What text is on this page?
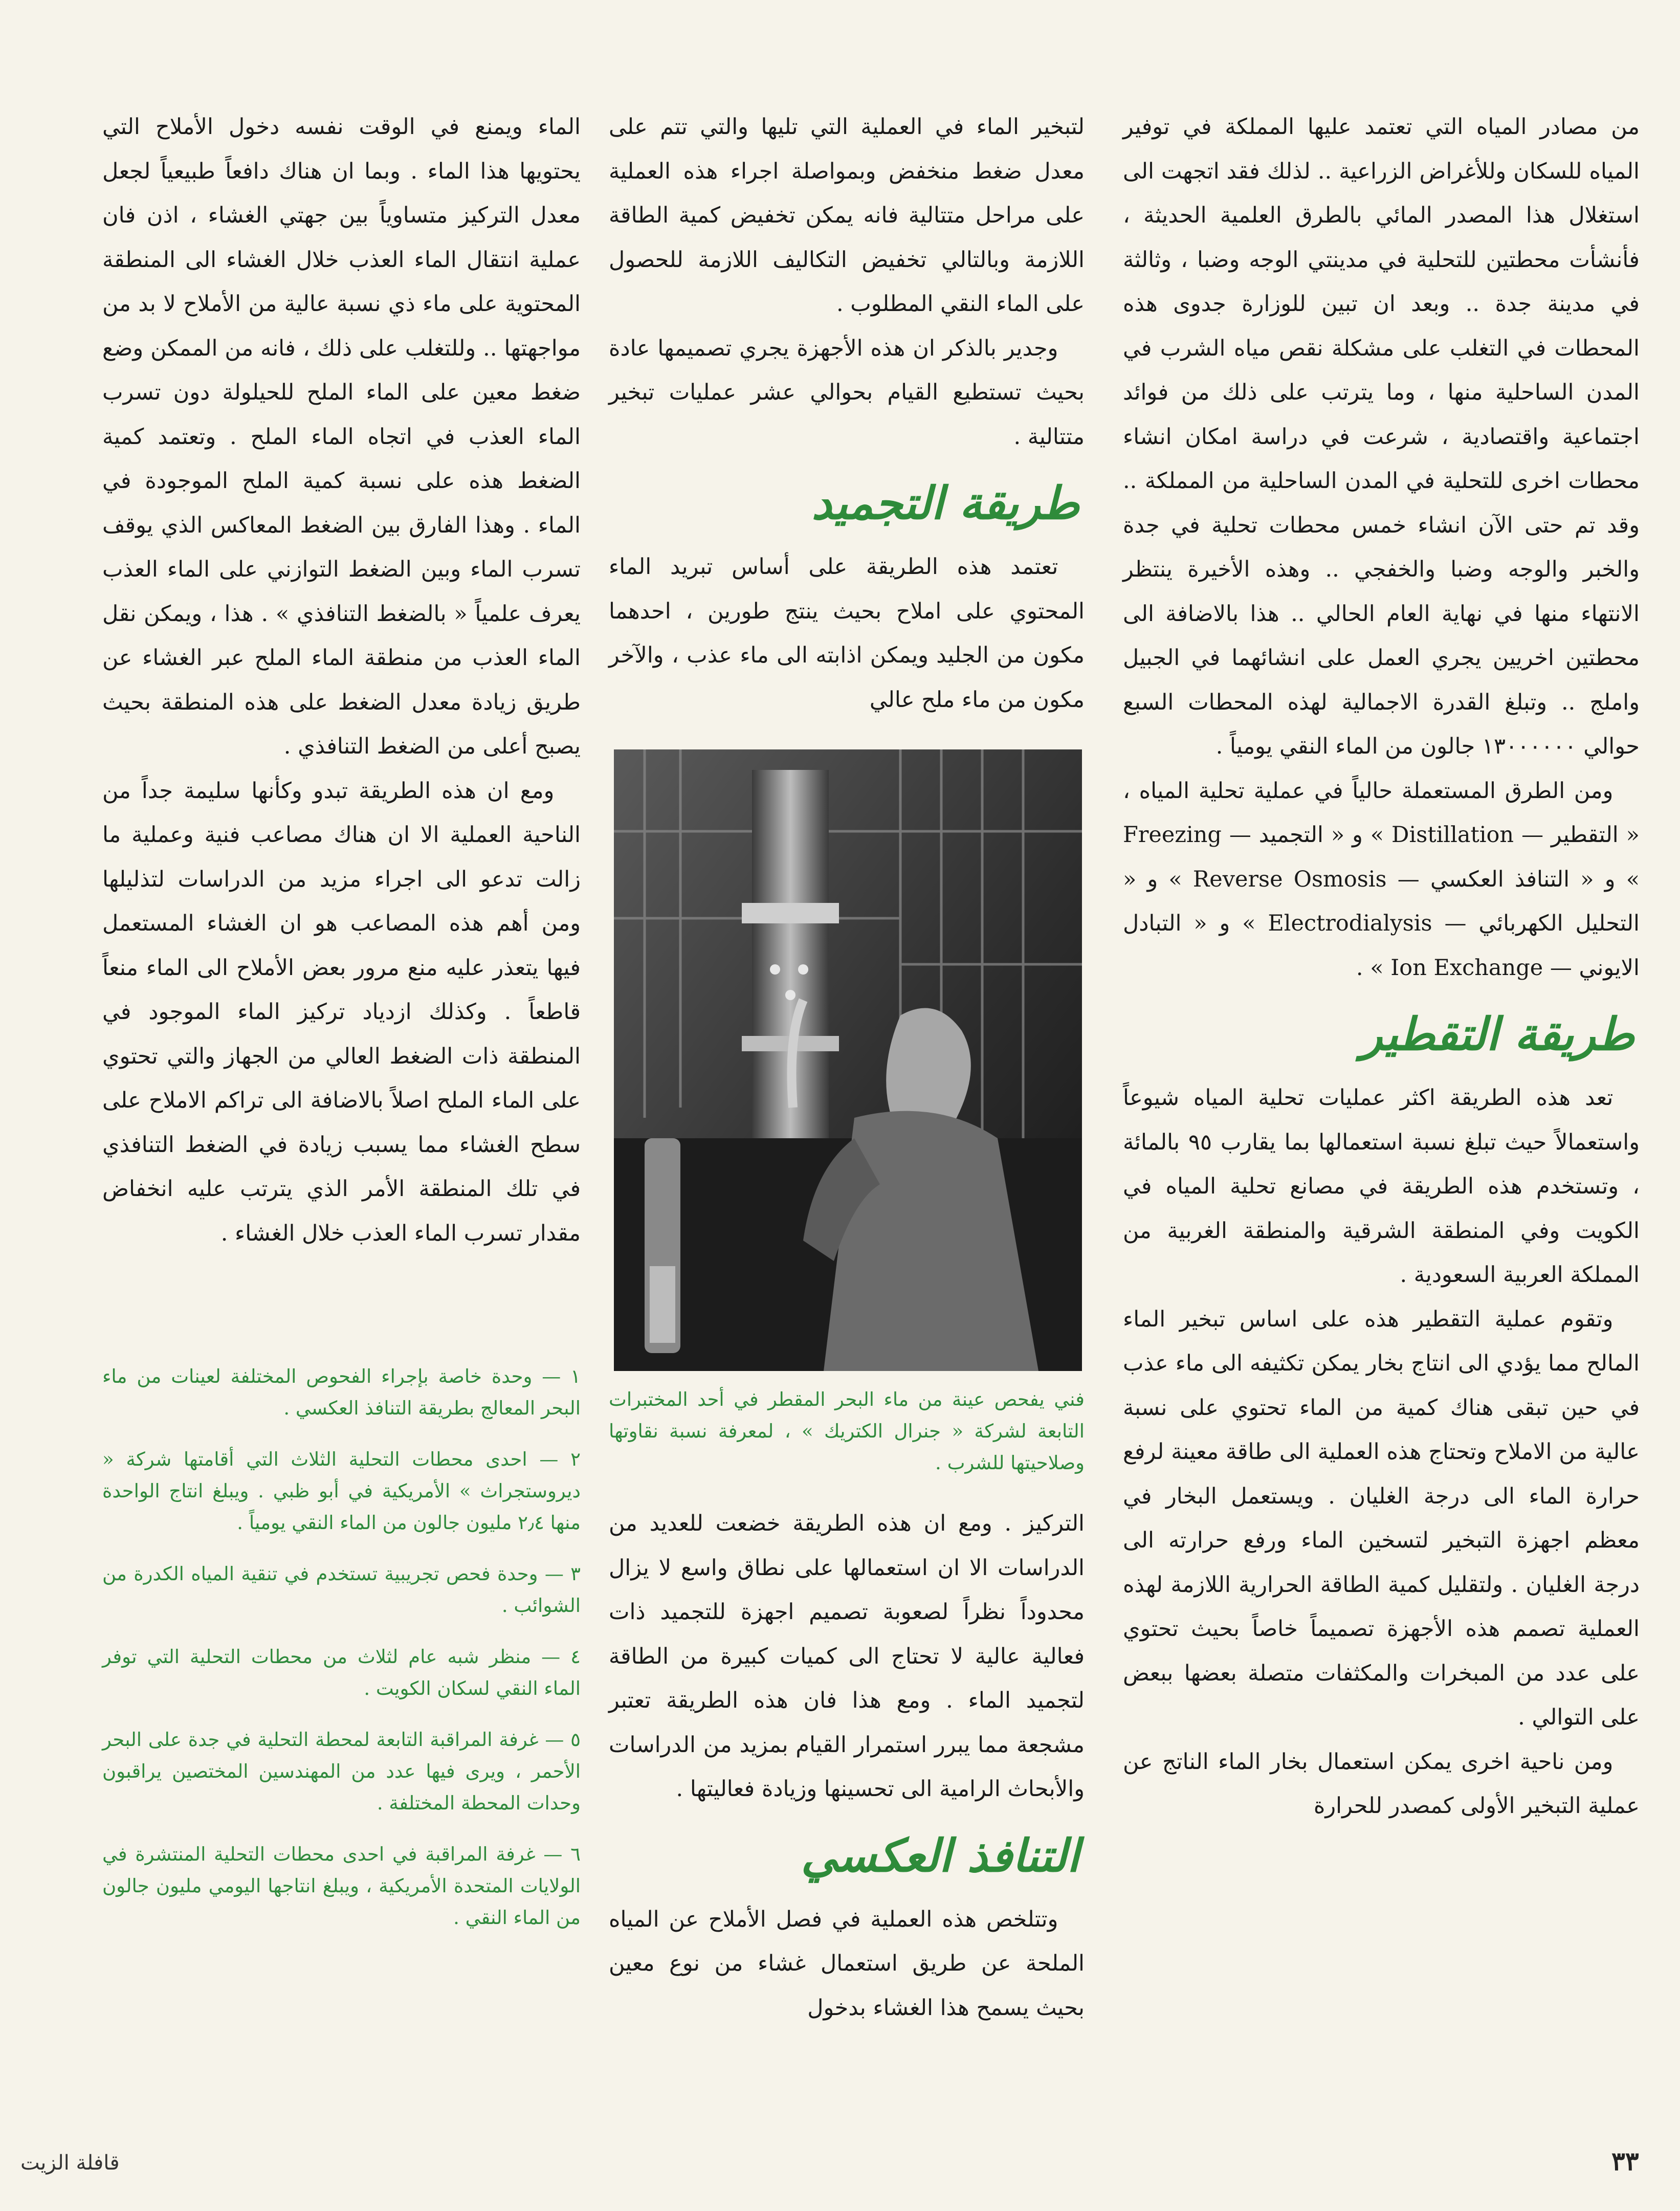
من مصادر المياه التي تعتمد عليها المملكة في توفير المياه للسكان وللأغراض الزراعية .. لذلك فقد اتجهت الى استغلال هذا المصدر المائي بالطرق العلمية الحديثة ، فأنشأت محطتين للتحلية في مدينتي الوجه وضبا ، وثالثة في مدينة جدة .. وبعد ان تبين للوزارة جدوى هذه المحطات في التغلب على مشكلة نقص مياه الشرب في المدن الساحلية منها ، وما يترتب على ذلك من فوائد اجتماعية واقتصادية ، شرعت في دراسة امكان انشاء محطات اخرى للتحلية في المدن الساحلية من المملكة .. وقد تم حتى الآن انشاء خمس محطات تحلية في جدة والخبر والوجه وضبا والخفجي .. وهذه الأخيرة ينتظر الانتهاء منها في نهاية العام الحالي .. هذا بالاضافة الى محطتين اخريين يجري العمل على انشائهما في الجبيل واملج .. وتبلغ القدرة الاجمالية لهذه المحطات السبع حوالي ١٣٠٠٠٠٠٠ جالون من الماء النقي يومياً .

ومن الطرق المستعملة حالياً في عملية تحلية المياه ، « التقطير — Distillation » و « التجميد — Freezing » و « التنافذ العكسي — Reverse Osmosis » و « التحليل الكهربائي — Electrodialysis » و « التبادل الايوني — Ion Exchange » .

طريقة التقطير

تعد هذه الطريقة اكثر عمليات تحلية المياه شيوعاً واستعمالاً حيث تبلغ نسبة استعمالها بما يقارب ٩٥ بالمائة ، وتستخدم هذه الطريقة في مصانع تحلية المياه في الكويت وفي المنطقة الشرقية والمنطقة الغربية من المملكة العربية السعودية .

وتقوم عملية التقطير هذه على اساس تبخير الماء المالح مما يؤدي الى انتاج بخار يمكن تكثيفه الى ماء عذب في حين تبقى هناك كمية من الماء تحتوي على نسبة عالية من الاملاح وتحتاج هذه العملية الى طاقة معينة لرفع حرارة الماء الى درجة الغليان . ويستعمل البخار في معظم اجهزة التبخير لتسخين الماء ورفع حرارته الى درجة الغليان . ولتقليل كمية الطاقة الحرارية اللازمة لهذه العملية تصمم هذه الأجهزة تصميماً خاصاً بحيث تحتوي على عدد من المبخرات والمكثفات متصلة بعضها ببعض على التوالي .

ومن ناحية اخرى يمكن استعمال بخار الماء الناتج عن عملية التبخير الأولى كمصدر للحرارة

لتبخير الماء في العملية التي تليها والتي تتم على معدل ضغط منخفض وبمواصلة اجراء هذه العملية على مراحل متتالية فانه يمكن تخفيض كمية الطاقة اللازمة وبالتالي تخفيض التكاليف اللازمة للحصول على الماء النقي المطلوب .

وجدير بالذكر ان هذه الأجهزة يجري تصميمها عادة بحيث تستطيع القيام بحوالي عشر عمليات تبخير متتالية .

طريقة التجميد

تعتمد هذه الطريقة على أساس تبريد الماء المحتوي على املاح بحيث ينتج طورين ، احدهما مكون من الجليد ويمكن اذابته الى ماء عذب ، والآخر مكون من ماء ملح عالي

فني يفحص عينة من ماء البحر المقطر في أحد المختبرات التابعة لشركة « جنرال الكتريك » ، لمعرفة نسبة نقاوتها وصلاحيتها للشرب .

التركيز . ومع ان هذه الطريقة خضعت للعديد من الدراسات الا ان استعمالها على نطاق واسع لا يزال محدوداً نظراً لصعوبة تصميم اجهزة للتجميد ذات فعالية عالية لا تحتاج الى كميات كبيرة من الطاقة لتجميد الماء . ومع هذا فان هذه الطريقة تعتبر مشجعة مما يبرر استمرار القيام بمزيد من الدراسات والأبحاث الرامية الى تحسينها وزيادة فعاليتها .

التنافذ العكسي

وتتلخص هذه العملية في فصل الأملاح عن المياه الملحة عن طريق استعمال غشاء من نوع معين بحيث يسمح هذا الغشاء بدخول

الماء ويمنع في الوقت نفسه دخول الأملاح التي يحتويها هذا الماء . وبما ان هناك دافعاً طبيعياً لجعل معدل التركيز متساوياً بين جهتي الغشاء ، اذن فان عملية انتقال الماء العذب خلال الغشاء الى المنطقة المحتوية على ماء ذي نسبة عالية من الأملاح لا بد من مواجهتها .. وللتغلب على ذلك ، فانه من الممكن وضع ضغط معين على الماء الملح للحيلولة دون تسرب الماء العذب في اتجاه الماء الملح . وتعتمد كمية الضغط هذه على نسبة كمية الملح الموجودة في الماء . وهذا الفارق بين الضغط المعاكس الذي يوقف تسرب الماء وبين الضغط التوازني على الماء العذب يعرف علمياً « بالضغط التنافذي » . هذا ، ويمكن نقل الماء العذب من منطقة الماء الملح عبر الغشاء عن طريق زيادة معدل الضغط على هذه المنطقة بحيث يصبح أعلى من الضغط التنافذي .

ومع ان هذه الطريقة تبدو وكأنها سليمة جداً من الناحية العملية الا ان هناك مصاعب فنية وعملية ما زالت تدعو الى اجراء مزيد من الدراسات لتذليلها ومن أهم هذه المصاعب هو ان الغشاء المستعمل فيها يتعذر عليه منع مرور بعض الأملاح الى الماء منعاً قاطعاً . وكذلك ازدياد تركيز الماء الموجود في المنطقة ذات الضغط العالي من الجهاز والتي تحتوي على الماء الملح اصلاً بالاضافة الى تراكم الاملاح على سطح الغشاء مما يسبب زيادة في الضغط التنافذي في تلك المنطقة الأمر الذي يترتب عليه انخفاض مقدار تسرب الماء العذب خلال الغشاء .

١ — وحدة خاصة بإجراء الفحوص المختلفة لعينات من ماء البحر المعالج بطريقة التنافذ العكسي .
٢ — احدى محطات التحلية الثلاث التي أقامتها شركة « ديروستجراث » الأمريكية في أبو ظبي . ويبلغ انتاج الواحدة منها ٢٫٤ مليون جالون من الماء النقي يومياً .
٣ — وحدة فحص تجريبية تستخدم في تنقية المياه الكدرة من الشوائب .
٤ — منظر شبه عام لثلاث من محطات التحلية التي توفر الماء النقي لسكان الكويت .
٥ — غرفة المراقبة التابعة لمحطة التحلية في جدة على البحر الأحمر ، ويرى فيها عدد من المهندسين المختصين يراقبون وحدات المحطة المختلفة .
٦ — غرفة المراقبة في احدى محطات التحلية المنتشرة في الولايات المتحدة الأمريكية ، ويبلغ انتاجها اليومي مليون جالون من الماء النقي .
قافلة الزيت	٣٣
